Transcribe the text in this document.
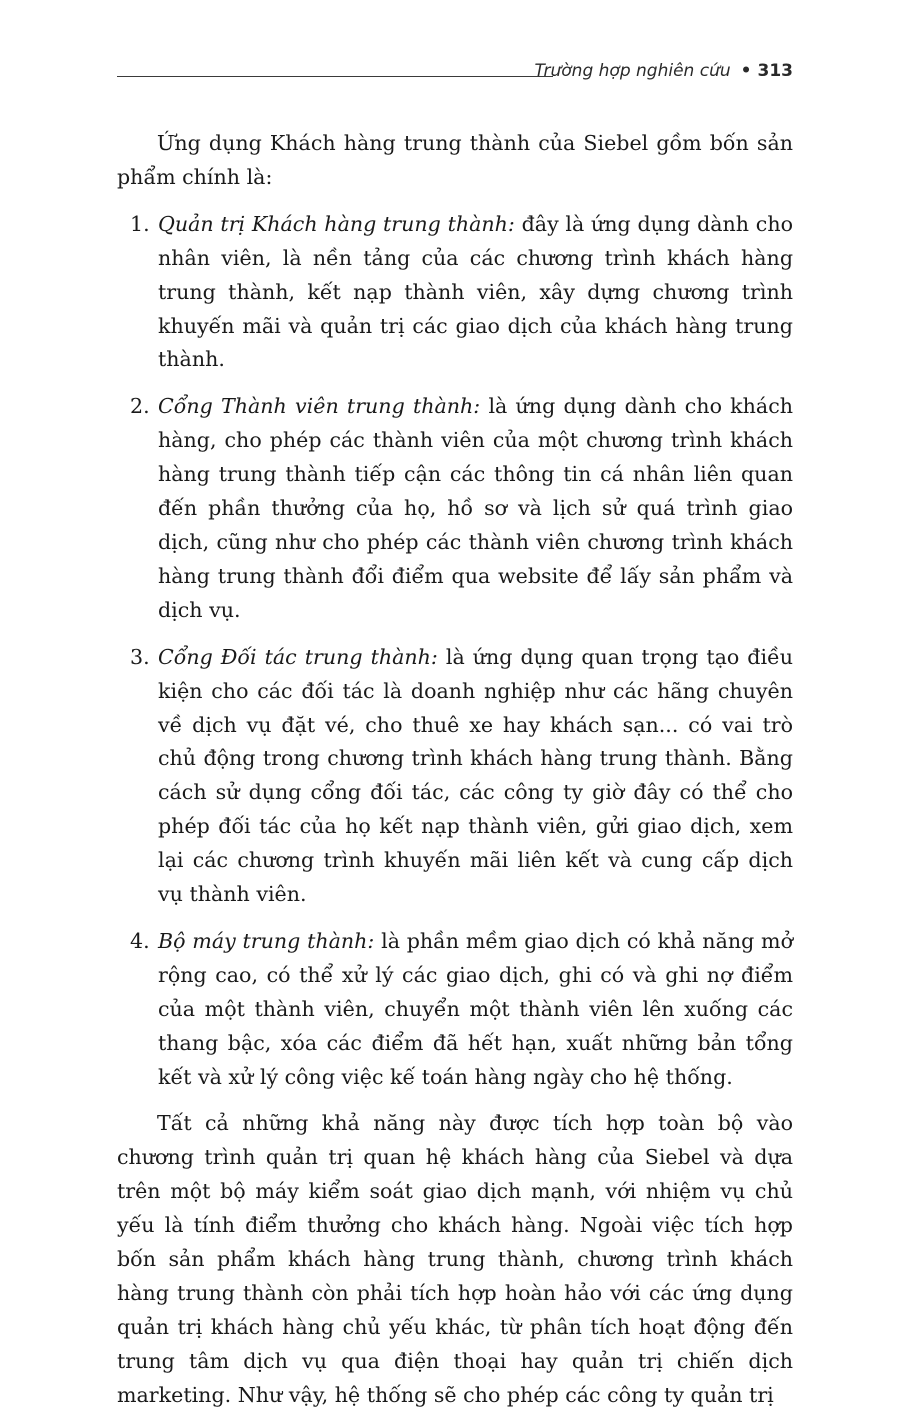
Trường hợp nghiên cứu • 313

Ứng dụng Khách hàng trung thành của Siebel gồm bốn sản phẩm chính là:

1. Quản trị Khách hàng trung thành: đây là ứng dụng dành cho nhân viên, là nền tảng của các chương trình khách hàng trung thành, kết nạp thành viên, xây dựng chương trình khuyến mãi và quản trị các giao dịch của khách hàng trung thành.
2. Cổng Thành viên trung thành: là ứng dụng dành cho khách hàng, cho phép các thành viên của một chương trình khách hàng trung thành tiếp cận các thông tin cá nhân liên quan đến phần thưởng của họ, hồ sơ và lịch sử quá trình giao dịch, cũng như cho phép các thành viên chương trình khách hàng trung thành đổi điểm qua website để lấy sản phẩm và dịch vụ.
3. Cổng Đối tác trung thành: là ứng dụng quan trọng tạo điều kiện cho các đối tác là doanh nghiệp như các hãng chuyên về dịch vụ đặt vé, cho thuê xe hay khách sạn... có vai trò chủ động trong chương trình khách hàng trung thành. Bằng cách sử dụng cổng đối tác, các công ty giờ đây có thể cho phép đối tác của họ kết nạp thành viên, gửi giao dịch, xem lại các chương trình khuyến mãi liên kết và cung cấp dịch vụ thành viên.
4. Bộ máy trung thành: là phần mềm giao dịch có khả năng mở rộng cao, có thể xử lý các giao dịch, ghi có và ghi nợ điểm của một thành viên, chuyển một thành viên lên xuống các thang bậc, xóa các điểm đã hết hạn, xuất những bản tổng kết và xử lý công việc kế toán hàng ngày cho hệ thống.

Tất cả những khả năng này được tích hợp toàn bộ vào chương trình quản trị quan hệ khách hàng của Siebel và dựa trên một bộ máy kiểm soát giao dịch mạnh, với nhiệm vụ chủ yếu là tính điểm thưởng cho khách hàng. Ngoài việc tích hợp bốn sản phẩm khách hàng trung thành, chương trình khách hàng trung thành còn phải tích hợp hoàn hảo với các ứng dụng quản trị khách hàng chủ yếu khác, từ phân tích hoạt động đến trung tâm dịch vụ qua điện thoại hay quản trị chiến dịch marketing. Như vậy, hệ thống sẽ cho phép các công ty quản trị
